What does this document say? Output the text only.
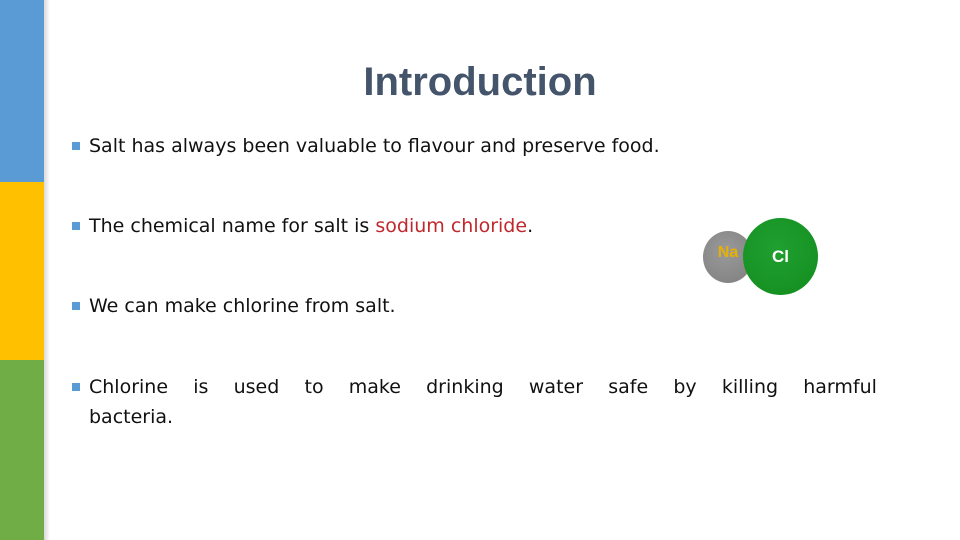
Introduction
Salt has always been valuable to flavour and preserve food.
The chemical name for salt is sodium chloride.
We can make chlorine from salt.
Chlorine is used to make drinking water safe by killing harmful
bacteria.
Na Cl
